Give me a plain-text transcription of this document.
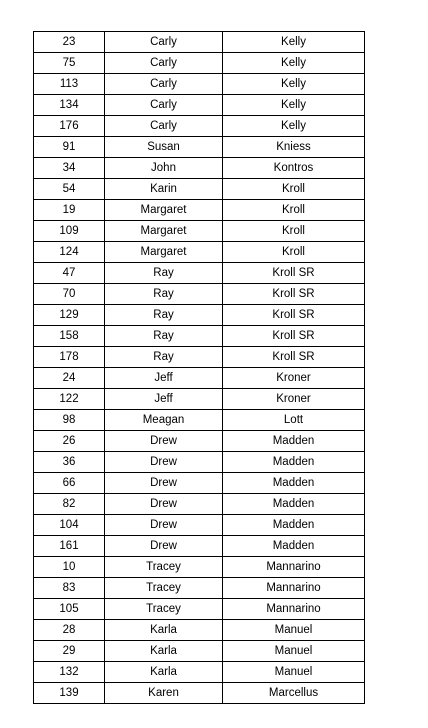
23	Carly	Kelly
75	Carly	Kelly
113	Carly	Kelly
134	Carly	Kelly
176	Carly	Kelly
91	Susan	Kniess
34	John	Kontros
54	Karin	Kroll
19	Margaret	Kroll
109	Margaret	Kroll
124	Margaret	Kroll
47	Ray	Kroll SR
70	Ray	Kroll SR
129	Ray	Kroll SR
158	Ray	Kroll SR
178	Ray	Kroll SR
24	Jeff	Kroner
122	Jeff	Kroner
98	Meagan	Lott
26	Drew	Madden
36	Drew	Madden
66	Drew	Madden
82	Drew	Madden
104	Drew	Madden
161	Drew	Madden
10	Tracey	Mannarino
83	Tracey	Mannarino
105	Tracey	Mannarino
28	Karla	Manuel
29	Karla	Manuel
132	Karla	Manuel
139	Karen	Marcellus
